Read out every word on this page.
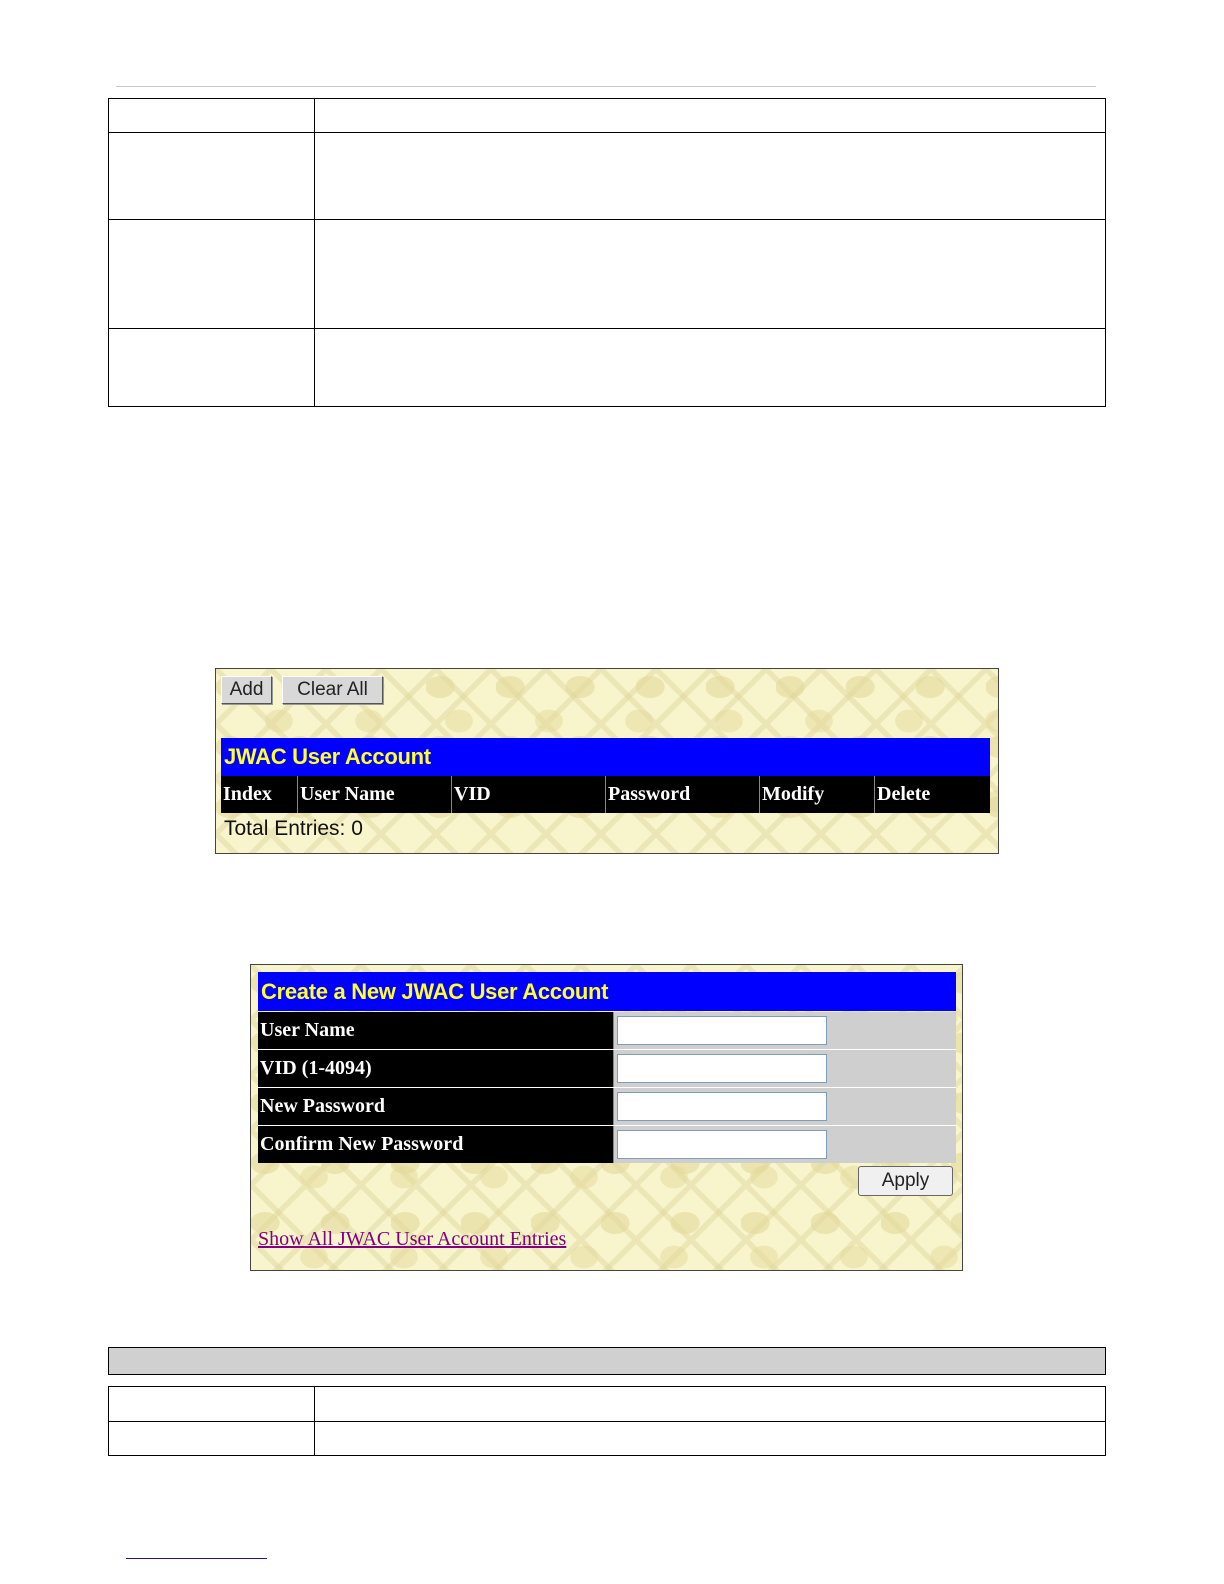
Add	Clear All
JWAC User Account
Index	User Name	VID	Password	Modify	Delete
Total Entries: 0
Create a New JWAC User Account
User Name
VID (1-4094)
New Password
Confirm New Password
Apply
Show All JWAC User Account Entries
